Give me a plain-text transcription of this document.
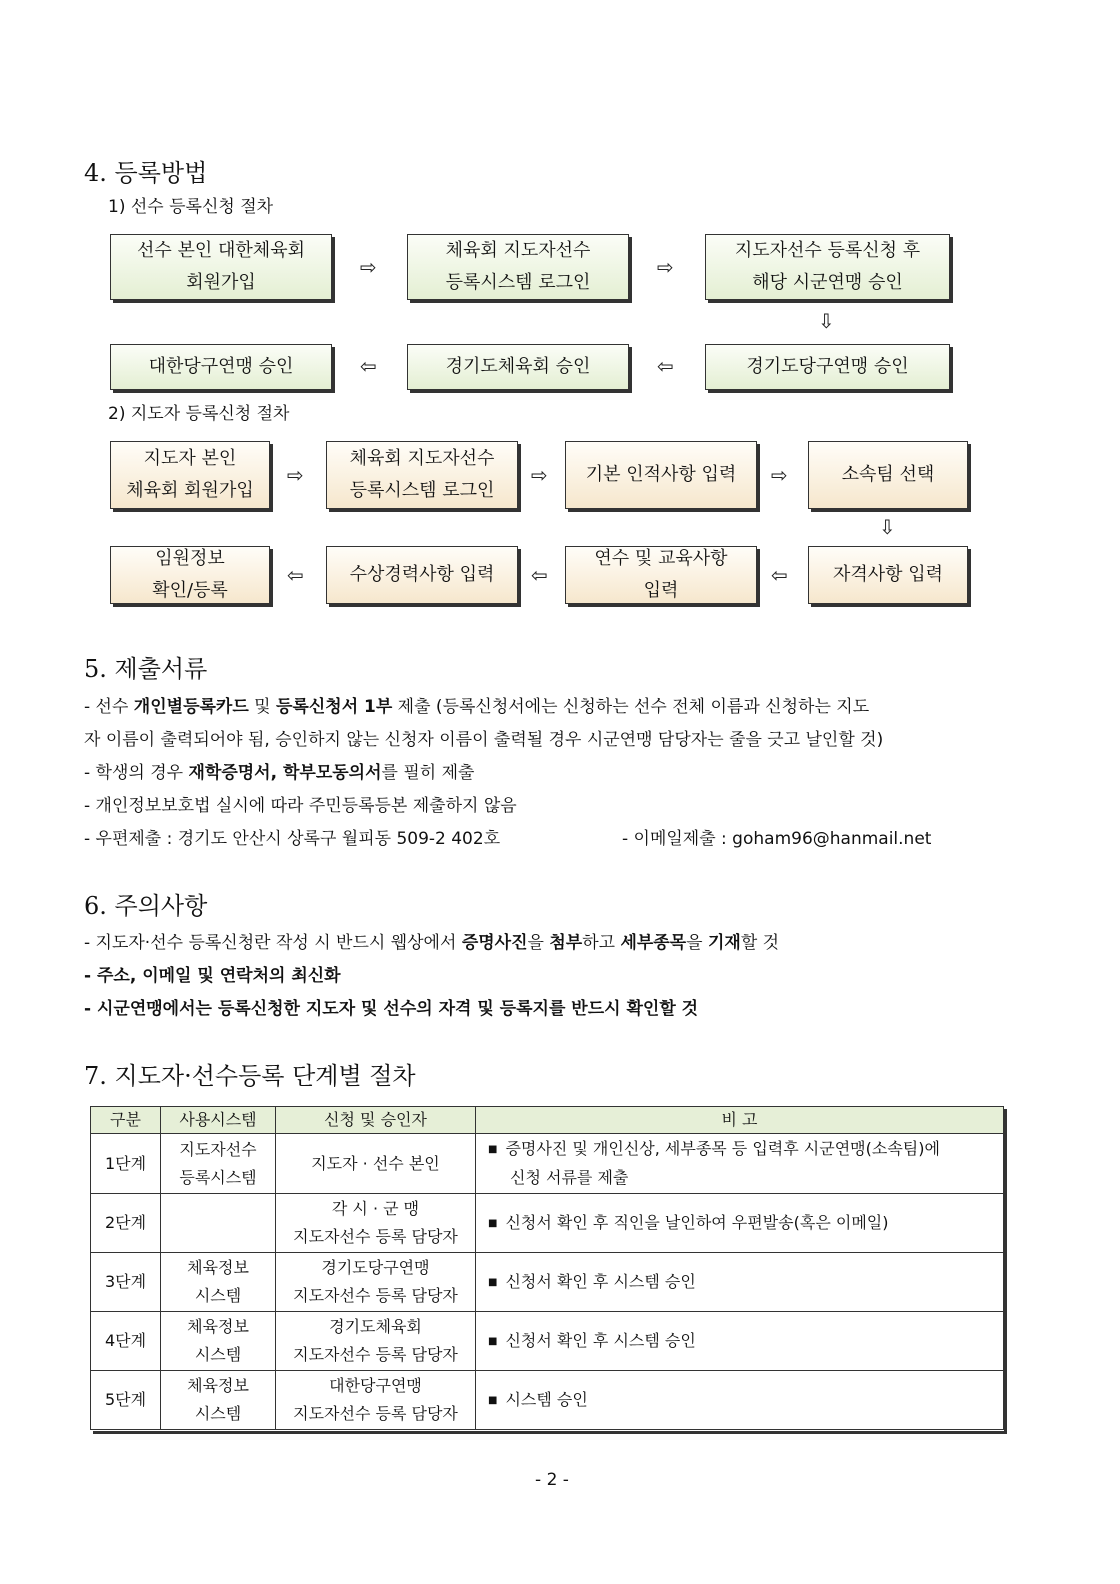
4. 등록방법
1) 선수 등록신청 절차
선수 본인 대한체육회
회원가입
⇨
체육회 지도자선수
등록시스템 로그인
⇨
지도자선수 등록신청 후
해당 시군연맹 승인
⇩
대한당구연맹 승인	⇦	경기도체육회 승인	⇦	경기도당구연맹 승인
2) 지도자 등록신청 절차
지도자 본인
체육회 회원가입
⇨
체육회 지도자선수
등록시스템 로그인
⇨	기본 인적사항 입력	⇨	소속팀 선택
⇩
임원정보
확인/등록
⇦	수상경력사항 입력	⇦
연수 및 교육사항
입력
⇦	자격사항 입력
5. 제출서류
- 선수 개인별등록카드 및 등록신청서 1부 제출 (등록신청서에는 신청하는 선수 전체 이름과 신청하는 지도
자 이름이 출력되어야 됨, 승인하지 않는 신청자 이름이 출력될 경우 시군연맹 담당자는 줄을 긋고 날인할 것)
- 학생의 경우 재학증명서, 학부모동의서를 필히 제출
- 개인정보보호법 실시에 따라 주민등록등본 제출하지 않음
- 우편제출 : 경기도 안산시 상록구 월피동 509-2 402호	- 이메일제출 : goham96@hanmail.net
6. 주의사항
- 지도자·선수 등록신청란 작성 시 반드시 웹상에서 증명사진을 첨부하고 세부종목을 기재할 것
- 주소, 이메일 및 연락처의 최신화
- 시군연맹에서는 등록신청한 지도자 및 선수의 자격 및 등록지를 반드시 확인할 것
7. 지도자·선수등록 단계별 절차
구분	사용시스템	신청 및 승인자	비 고
1단계	지도자선수
등록시스템	지도자 · 선수 본인	■ 증명사진 및 개인신상, 세부종목 등 입력후 시군연맹(소속팀)에
신청 서류를 제출
2단계		각 시 · 군 맹
지도자선수 등록 담당자	■ 신청서 확인 후 직인을 날인하여 우편발송(혹은 이메일)
3단계	체육정보
시스템	경기도당구연맹
지도자선수 등록 담당자	■ 신청서 확인 후 시스템 승인
4단계	체육정보
시스템	경기도체육회
지도자선수 등록 담당자	■ 신청서 확인 후 시스템 승인
5단계	체육정보
시스템	대한당구연맹
지도자선수 등록 담당자	■ 시스템 승인
- 2 -
